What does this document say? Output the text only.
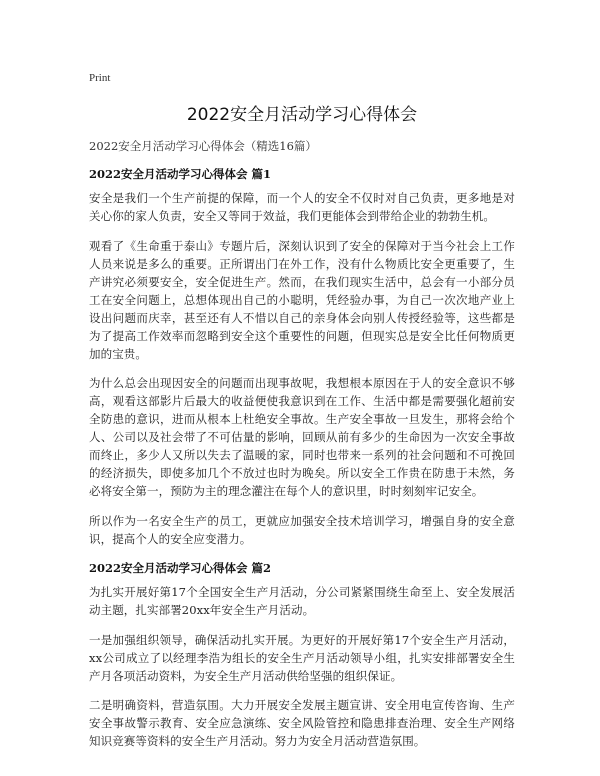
Print
2022安全月活动学习心得体会
2022安全月活动学习心得体会（精选16篇）
2022安全月活动学习心得体会 篇1

安全是我们一个生产前提的保障，而一个人的安全不仅时对自己负责，更多地是对关心你的家人负责，安全又等同于效益，我们更能体会到带给企业的勃勃生机。

观看了《生命重于泰山》专题片后，深刻认识到了安全的保障对于当今社会上工作人员来说是多么的重要。正所谓出门在外工作，没有什么物质比安全更重要了，生产讲究必须要安全，安全促进生产。然而，在我们现实生活中，总会有一小部分员工在安全问题上，总想体现出自己的小聪明，凭经验办事，为自己一次次地产业上设出问题而庆幸，甚至还有人不惜以自己的亲身体会向别人传授经验等，这些都是为了提高工作效率而忽略到安全这个重要性的问题，但现实总是安全比任何物质更加的宝贵。

为什么总会出现因安全的问题而出现事故呢，我想根本原因在于人的安全意识不够高，观看这部影片后最大的收益便使我意识到在工作、生活中都是需要强化超前安全防患的意识，进而从根本上杜绝安全事故。生产安全事故一旦发生，那将会给个人、公司以及社会带了不可估量的影响，回顾从前有多少的生命因为一次安全事故而终止，多少人又所以失去了温暖的家，同时也带来一系列的社会问题和不可挽回的经济损失，即使多加几个不放过也时为晚矣。所以安全工作贵在防患于未然，务必将安全第一，预防为主的理念灌注在每个人的意识里，时时刻刻牢记安全。

所以作为一名安全生产的员工，更就应加强安全技术培训学习，增强自身的安全意识，提高个人的安全应变潜力。

2022安全月活动学习心得体会 篇2

为扎实开展好第17个全国安全生产月活动，分公司紧紧围绕生命至上、安全发展活动主题，扎实部署20xx年安全生产月活动。

一是加强组织领导，确保活动扎实开展。为更好的开展好第17个安全生产月活动，xx公司成立了以经理李浩为组长的安全生产月活动领导小组，扎实安排部署安全生产月各项活动资料，为安全生产月活动供给坚强的组织保证。

二是明确资料，营造氛围。大力开展安全发展主题宣讲、安全用电宣传咨询、生产安全事故警示教育、安全应急演练、安全风险管控和隐患排查治理、安全生产网络知识竞赛等资料的安全生产月活动。努力为安全月活动营造氛围。
